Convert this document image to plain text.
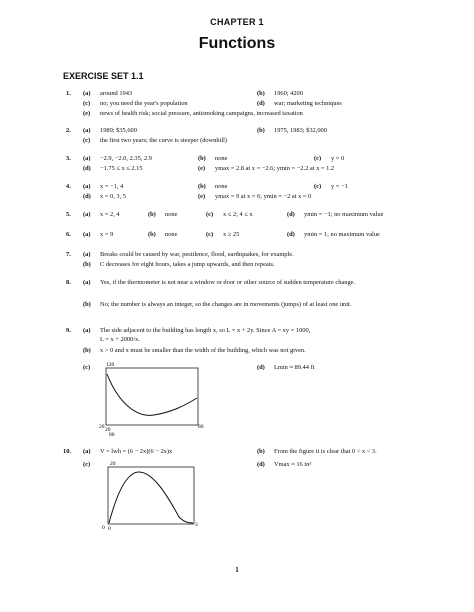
CHAPTER 1
Functions
EXERCISE SET 1.1
1. (a) around 1943	(b) 1960; 4200
(c) no; you need the year's population	(d) war; marketing techniques
(e) news of health risk; social pressure, antismoking campaigns, increased taxation
2. (a) 1989; $35,600	(b) 1975, 1983; $32,000
(c) the first two years; the curve is steeper (downhill)
3. (a) −2.9, −2.0, 2.35, 2.9	(b) none	(c) y = 0
(d) −1.75 ≤ x ≤ 2.15	(e) ymax = 2.8 at x = −2.6; ymin = −2.2 at x = 1.2
4. (a) x = −1, 4	(b) none	(c) y = −1
(d) x = 0, 3, 5	(e) ymax = 9 at x = 6; ymin = −2 at x = 0
5. (a) x = 2, 4	(b) none	(c) x ≤ 2; 4 ≤ x	(d) ymin = −1; no maximum value
6. (a) x = 9	(b) none	(c) x ≥ 25	(d) ymin = 1; no maximum value
7. (a) Breaks could be caused by war, pestilence, flood, earthquakes, for example.
(b) C decreases for eight hours, takes a jump upwards, and then repeats.
8. (a) Yes, if the thermometer is not near a window or door or other source of sudden temperature change.
(b) No; the number is always an integer, so the changes are in movements (jumps) of at least one unit.
9. (a) The side adjacent to the building has length x, so L = x + 2y. Since A = xy = 1000,
L = x + 2000/x.
(b) x > 0 and x must be smaller than the width of the building, which was not given.
(c)	(d) Lmin ≈ 89.44 ft
120
20 20	80
80
10. (a) V = lwh = (6 − 2x)(6 − 2x)x	(b) From the figure it is clear that 0 < x < 3.
(c)	(d) Vmax ≈ 16 in³
20
0 0
3
1
